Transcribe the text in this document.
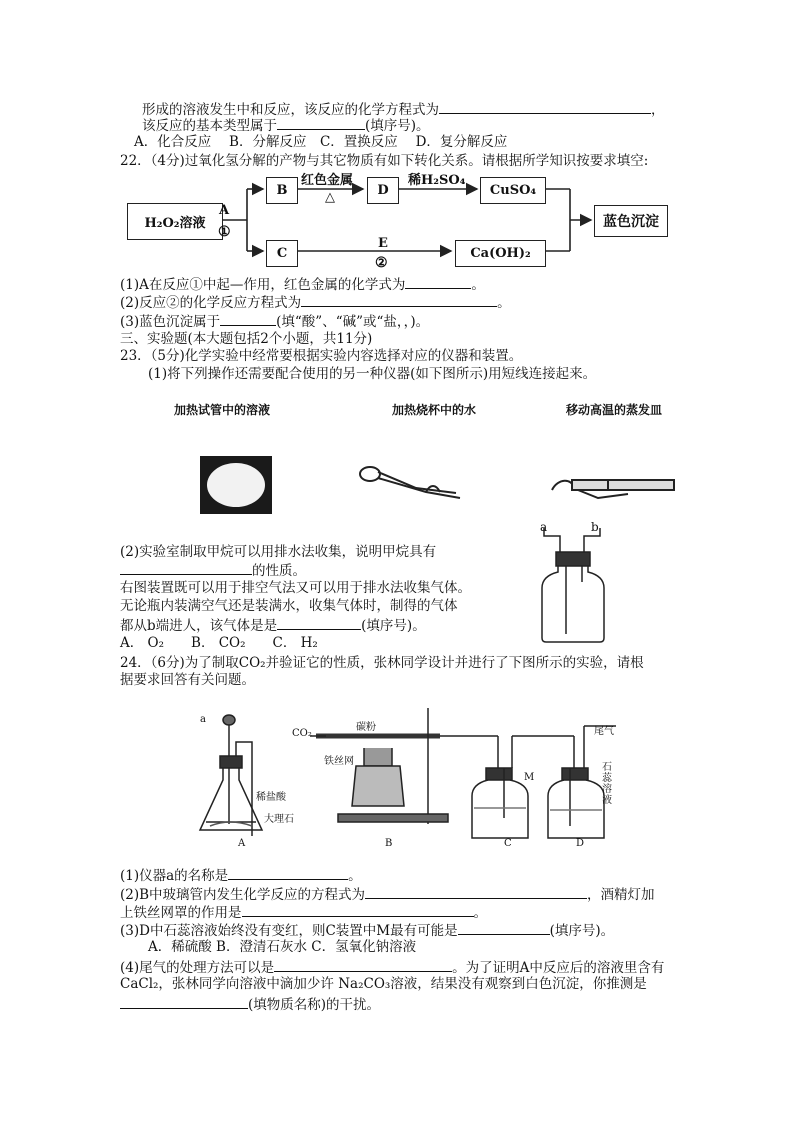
形成的溶液发生中和反应，该反应的化学方程式为	，
该反应的基本类型属于	(填序号)。
A．化合反应　 B．分解反应　C．置换反应　 D．复分解反应
22．（4分)过氧化氢分解的产物与其它物质有如下转化关系。请根据所学知识按要求填空:
H₂O₂溶液
A
①
B
红色金属
△	D
稀H₂SO₄
CuSO₄
蓝色沉淀
C
E
②
Ca(OH)₂
(1)A在反应①中起—作用，红色金属的化学式为	。
(2)反应②的化学反应方程式为	。
(3)蓝色沉淀属于	(填“酸”、“碱”或“盐，，)。
三、实验题(本大题包括2个小题，共11分)
23．（5分)化学实验中经常要根据实验内容选择对应的仪器和装置。
(1)将下列操作还需要配合使用的另一种仪器(如下图所示)用短线连接起来。
加热试管中的溶液	加热烧杯中的水	移动高温的蒸发皿
a	b
(2)实验室制取甲烷可以用排水法收集，说明甲烷具有
的性质。
右图装置既可以用于排空气法又可以用于排水法收集气体。
无论瓶内装满空气还是装满水，收集气体时，制得的气体
都从b端进人，该气体是是	(填序号)。
A． O₂　　B． CO₂　　C． H₂
24．（6分)为了制取CO₂并验证它的性质，张林同学设计并进行了下图所示的实验，请根
据要求回答有关问题。
a
CO₂
碳粉
铁丝网
稀盐酸
大理石
尾气
M
石蕊溶液
A	B	C	D
(1)仪器a的名称是	。
(2)B中玻璃管内发生化学反应的方程式为	，酒精灯加
上铁丝网罩的作用是	。
(3)D中石蕊溶液始终没有变红，则C装置中M最有可能是	(填序号)。
A．稀硫酸 B．澄清石灰水 C．氢氧化钠溶液
(4)尾气的处理方法可以是	。为了证明A中反应后的溶液里含有
CaCl₂，张林同学向溶液中滴加少许 Na₂CO₃溶液，结果没有观察到白色沉淀，你推测是
(填物质名称)的干扰。
